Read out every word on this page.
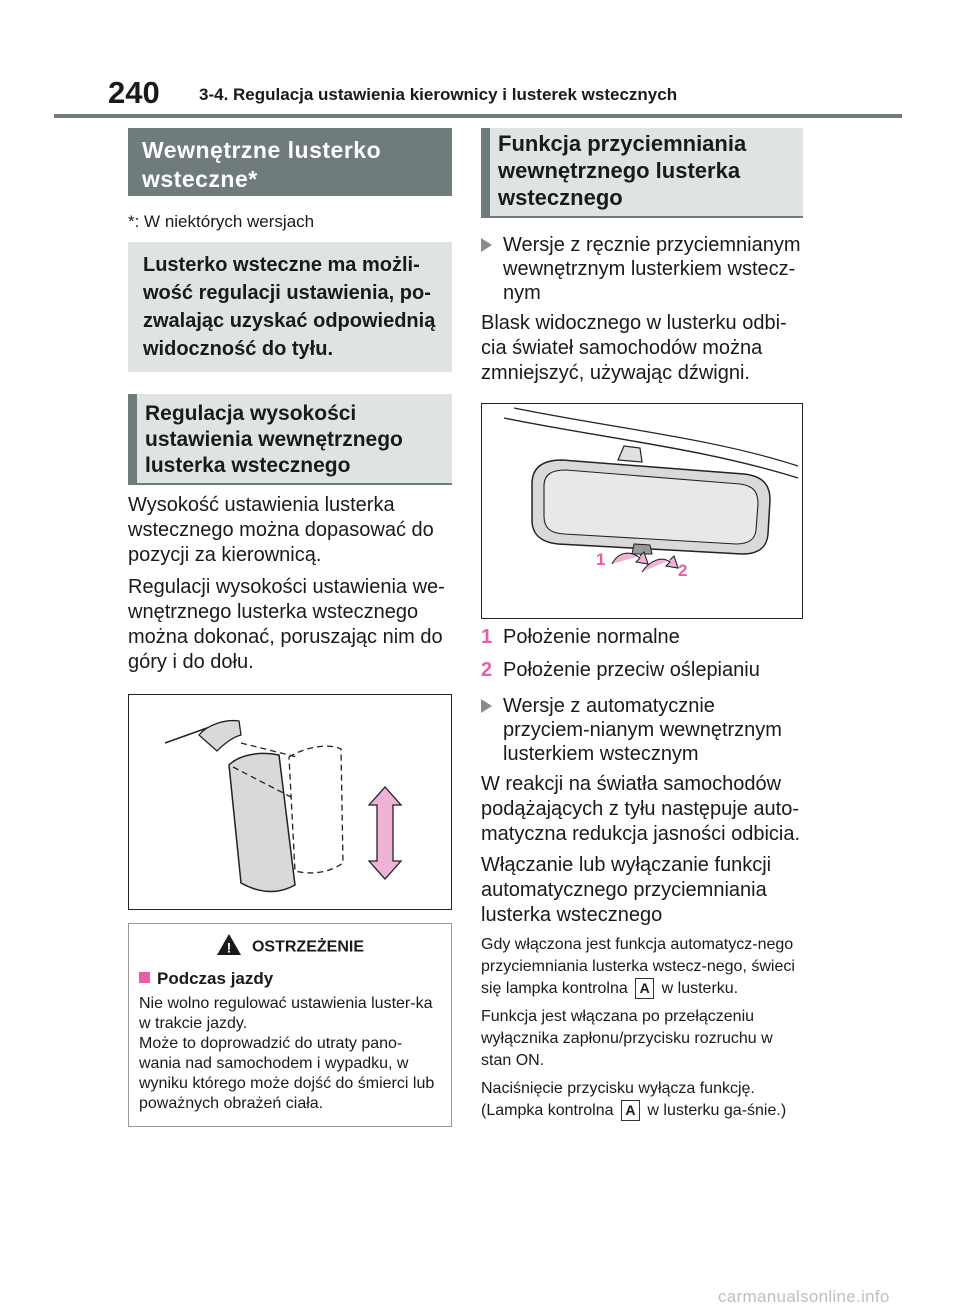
240 3-4. Regulacja ustawienia kierownicy i lusterek wstecznych
Wewnętrzne lusterko wsteczne*
*: W niektórych wersjach
Lusterko wsteczne ma możli-wość regulacji ustawienia, po-zwalając uzyskać odpowiednią widoczność do tyłu.
Regulacja wysokości ustawienia wewnętrznego lusterka wstecznego

Wysokość ustawienia lusterka wstecznego można dopasować do pozycji za kierownicą.

Regulacji wysokości ustawienia we-wnętrznego lusterka wstecznego można dokonać, poruszając nim do góry i do dołu.

! OSTRZEŻENIE
Podczas jazdy
Nie wolno regulować ustawienia luster-ka w trakcie jazdy.
Może to doprowadzić do utraty pano-wania nad samochodem i wypadku, w wyniku którego może dojść do śmierci lub poważnych obrażeń ciała.
Funkcja przyciemniania wewnętrznego lusterka wstecznego
Wersje z ręcznie przyciemnianym wewnętrznym lusterkiem wstecz-nym

Blask widocznego w lusterku odbi-cia świateł samochodów można zmniejszyć, używając dźwigni.

1
2
1 Położenie normalne
2 Położenie przeciw oślepianiu
Wersje z automatycznie przyciem-nianym wewnętrznym lusterkiem wstecznym

W reakcji na światła samochodów podążających z tyłu następuje auto-matyczna redukcja jasności odbicia.

Włączanie lub wyłączanie funkcji automatycznego przyciemniania lusterka wstecznego

Gdy włączona jest funkcja automatycz-nego przyciemniania lusterka wstecz-nego, świeci się lampka kontrolna A w lusterku.
Funkcja jest włączana po przełączeniu wyłącznika zapłonu/przycisku rozruchu w stan ON.
Naciśnięcie przycisku wyłącza funkcję. (Lampka kontrolna A w lusterku ga-śnie.)
carmanualsonline.info
